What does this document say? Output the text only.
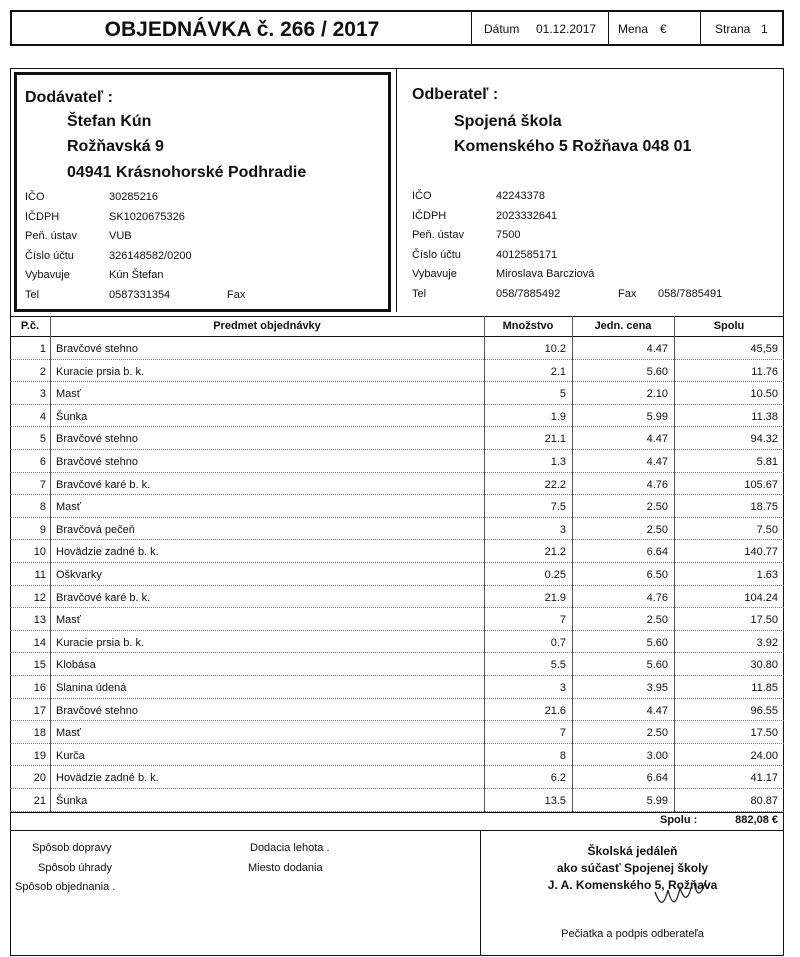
OBJEDNÁVKA č. 266 / 2017	Dátum 01.12.2017 Mena €	Strana 1
Dodávateľ :
Štefan Kún
Rožňavská 9
04941 Krásnohorské Podhradie
IČO	30285216
IČDPH	SK1020675326
Peň. ústav	VUB
Číslo účtu	326148582/0200
Vybavuje	Kún Štefan
Tel	0587331354	Fax
Odberateľ :
Spojená škola
Komenského 5 Rožňava 048 01
IČO	42243378
IČDPH	2023332641
Peň. ústav	7500
Číslo účtu	4012585171
Vybavuje	Miroslava Barcziová
Tel	058/7885492	Fax 058/7885491
P.č.	Predmet objednávky	Množstvo	Jedn. cena	Spolu
1 Bravčové stehno	10.2	4.47	45,59
2 Kuracie prsia b. k.	2.1	5.60	11.76
3 Masť	5	2.10	10.50
4 Šunka	1.9	5.99	11.38
5 Bravčové stehno	21.1	4.47	94.32
6 Bravčové stehno	1.3	4.47	5.81
7 Bravčové karé b. k.	22.2	4.76	105.67
8 Masť	7.5	2.50	18.75
9 Bravčová pečeň	3	2.50	7.50
10 Hovädzie zadné b. k.	21.2	6.64	140.77
11 Oškvarky	0.25	6.50	1.63
12 Bravčové karé b. k.	21.9	4.76	104.24
13 Masť	7	2.50	17.50
14 Kuracie prsia b. k.	0.7	5.60	3.92
15 Klobása	5.5	5.60	30.80
16 Slanina údená	3	3.95	11.85
17 Bravčové stehno	21.6	4.47	96.55
18 Masť	7	2.50	17.50
19 Kurča	8	3.00	24.00
20 Hovädzie zadné b. k.	6.2	6.64	41.17
21 Šunka	13.5	5.99	80.87
Spolu :	882,08 €
Spôsob dopravy
Spôsob úhrady
Spôsob objednania .
Dodacia lehota .
Miesto dodania
Školská jedáleň
ako súčasť Spojenej školy
J. A. Komenského 5, Rožňava
Pečiatka a podpis odberateľa
